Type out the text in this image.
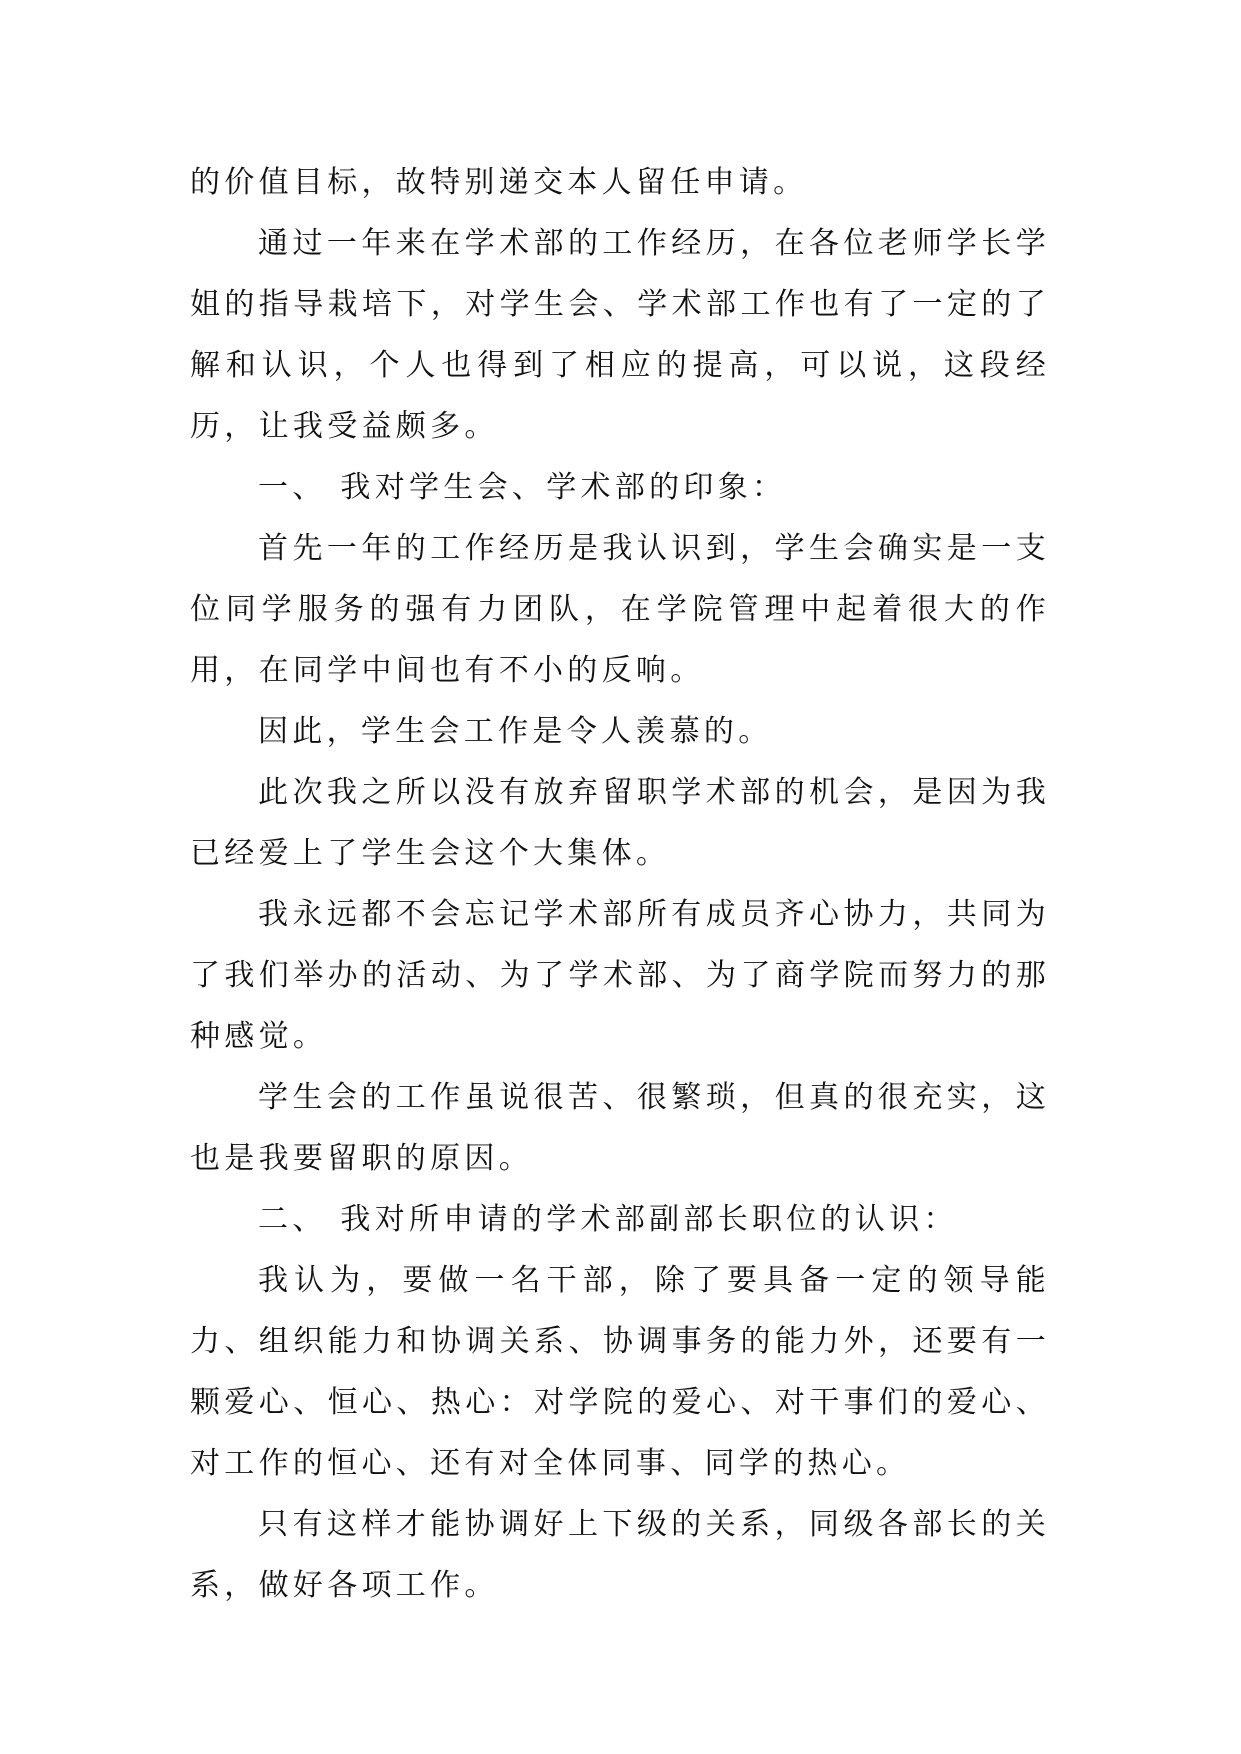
的价值目标，故特别递交本人留任申请。

通过一年来在学术部的工作经历，在各位老师学长学姐的指导栽培下，对学生会、学术部工作也有了一定的了解和认识，个人也得到了相应的提高，可以说，这段经历，让我受益颇多。

一、 我对学生会、学术部的印象：

首先一年的工作经历是我认识到，学生会确实是一支位同学服务的强有力团队，在学院管理中起着很大的作用，在同学中间也有不小的反响。

因此，学生会工作是令人羡慕的。

此次我之所以没有放弃留职学术部的机会，是因为我已经爱上了学生会这个大集体。

我永远都不会忘记学术部所有成员齐心协力，共同为了我们举办的活动、为了学术部、为了商学院而努力的那种感觉。

学生会的工作虽说很苦、很繁琐，但真的很充实，这也是我要留职的原因。

二、 我对所申请的学术部副部长职位的认识：

我认为，要做一名干部，除了要具备一定的领导能力、组织能力和协调关系、协调事务的能力外，还要有一颗爱心、恒心、热心：对学院的爱心、对干事们的爱心、对工作的恒心、还有对全体同事、同学的热心。

只有这样才能协调好上下级的关系，同级各部长的关系，做好各项工作。
